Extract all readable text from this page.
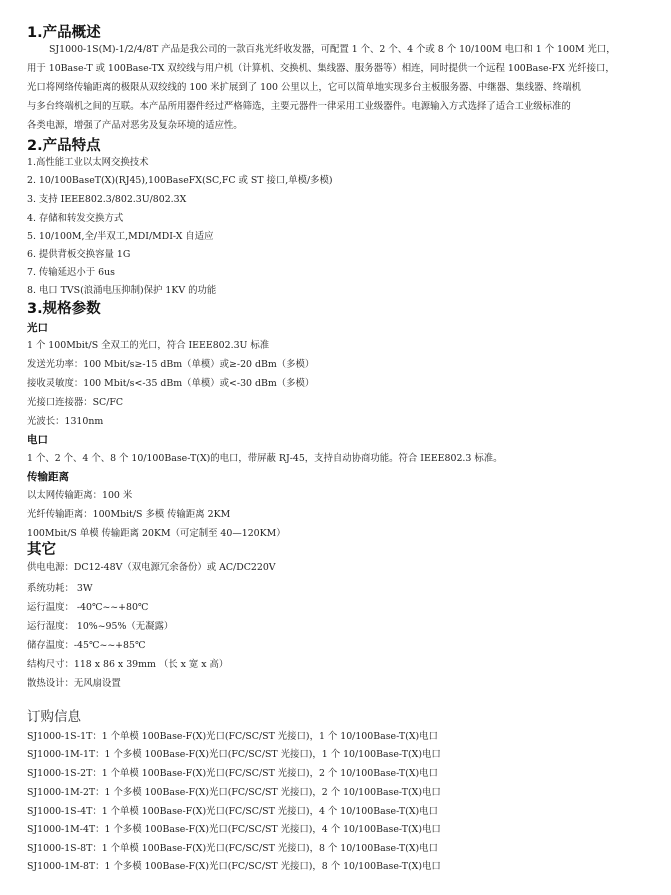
1.产品概述
SJ1000-1S(M)-1/2/4/8T 产品是我公司的一款百兆光纤收发器，可配置 1 个、2 个、4 个或 8 个 10/100M 电口和 1 个 100M 光口，
用于 10Base-T 或 100Base-TX 双绞线与用户机（计算机、交换机、集线器、服务器等）相连，同时提供一个远程 100Base-FX 光纤接口，
光口将网络传输距离的极限从双绞线的 100 米扩展到了 100 公里以上，它可以简单地实现多台主板服务器、中继器、集线器、终端机
与多台终端机之间的互联。本产品所用器件经过严格筛选，主要元器件一律采用工业级器件。电源输入方式选择了适合工业级标准的
各类电源，增强了产品对恶劣及复杂环境的适应性。
2.产品特点
1.高性能工业以太网交换技术
2. 10/100BaseT(X)(RJ45),100BaseFX(SC,FC 或 ST 接口,单模/多模)
3. 支持 IEEE802.3/802.3U/802.3X
4. 存储和转发交换方式
5. 10/100M,全/半双工,MDI/MDI-X 自适应
6. 提供背板交换容量 1G
7. 传输延迟小于 6us
8. 电口 TVS(浪涌电压抑制)保护 1KV 的功能
3.规格参数
光口
1 个 100Mbit/S 全双工的光口，符合 IEEE802.3U 标准
发送光功率：100 Mbit/s≥-15 dBm（单模）或≥-20 dBm（多模）
接收灵敏度：100 Mbit/s<-35 dBm（单模）或<-30 dBm（多模）
光接口连接器：SC/FC
光波长：1310nm
电口
1 个、2 个、4 个、8 个 10/100Base-T(X)的电口，带屏蔽 RJ-45，支持自动协商功能。符合 IEEE802.3 标准。
传输距离
以太网传输距离：100 米
光纤传输距离：100Mbit/S 多模 传输距离 2KM
100Mbit/S 单模 传输距离 20KM（可定制至 40—120KM）
其它
供电电源：DC12-48V（双电源冗余备份）或 AC/DC220V
系统功耗： 3W
运行温度： -40℃~~+80℃
运行湿度： 10%~95%（无凝露）
储存温度：-45℃~~+85℃
结构尺寸：118 x 86 x 39mm （长 x 宽 x 高）
散热设计：无风扇设置
订购信息
SJ1000-1S-1T：1 个单模 100Base-F(X)光口(FC/SC/ST 光接口)，1 个 10/100Base-T(X)电口
SJ1000-1M-1T：1 个多模 100Base-F(X)光口(FC/SC/ST 光接口)，1 个 10/100Base-T(X)电口
SJ1000-1S-2T：1 个单模 100Base-F(X)光口(FC/SC/ST 光接口)，2 个 10/100Base-T(X)电口
SJ1000-1M-2T：1 个多模 100Base-F(X)光口(FC/SC/ST 光接口)，2 个 10/100Base-T(X)电口
SJ1000-1S-4T：1 个单模 100Base-F(X)光口(FC/SC/ST 光接口)，4 个 10/100Base-T(X)电口
SJ1000-1M-4T：1 个多模 100Base-F(X)光口(FC/SC/ST 光接口)，4 个 10/100Base-T(X)电口
SJ1000-1S-8T：1 个单模 100Base-F(X)光口(FC/SC/ST 光接口)，8 个 10/100Base-T(X)电口
SJ1000-1M-8T：1 个多模 100Base-F(X)光口(FC/SC/ST 光接口)，8 个 10/100Base-T(X)电口
